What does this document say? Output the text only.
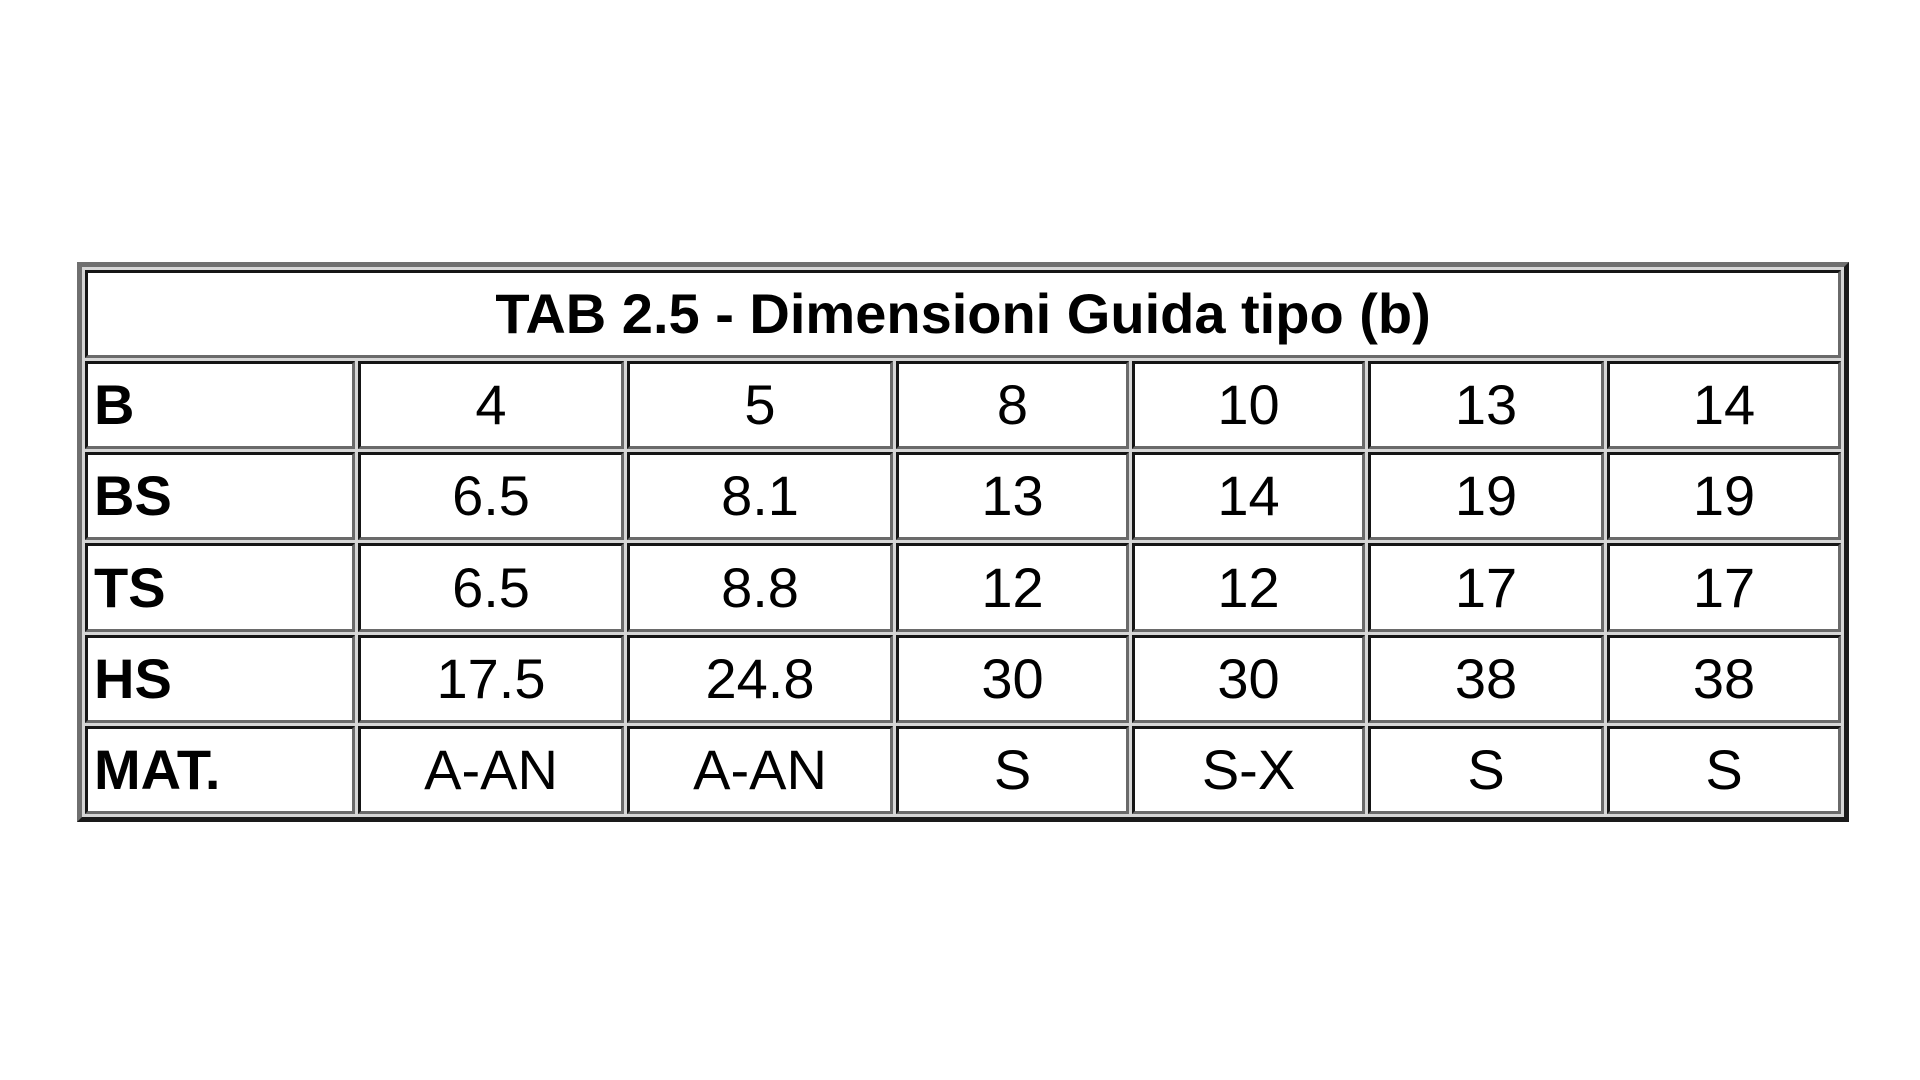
TAB 2.5 - Dimensioni Guida tipo (b)						
B	4	5	8	10	13	14
BS	6.5	8.1	13	14	19	19
TS	6.5	8.8	12	12	17	17
HS	17.5	24.8	30	30	38	38
MAT.	A-AN	A-AN	S	S-X	S	S
